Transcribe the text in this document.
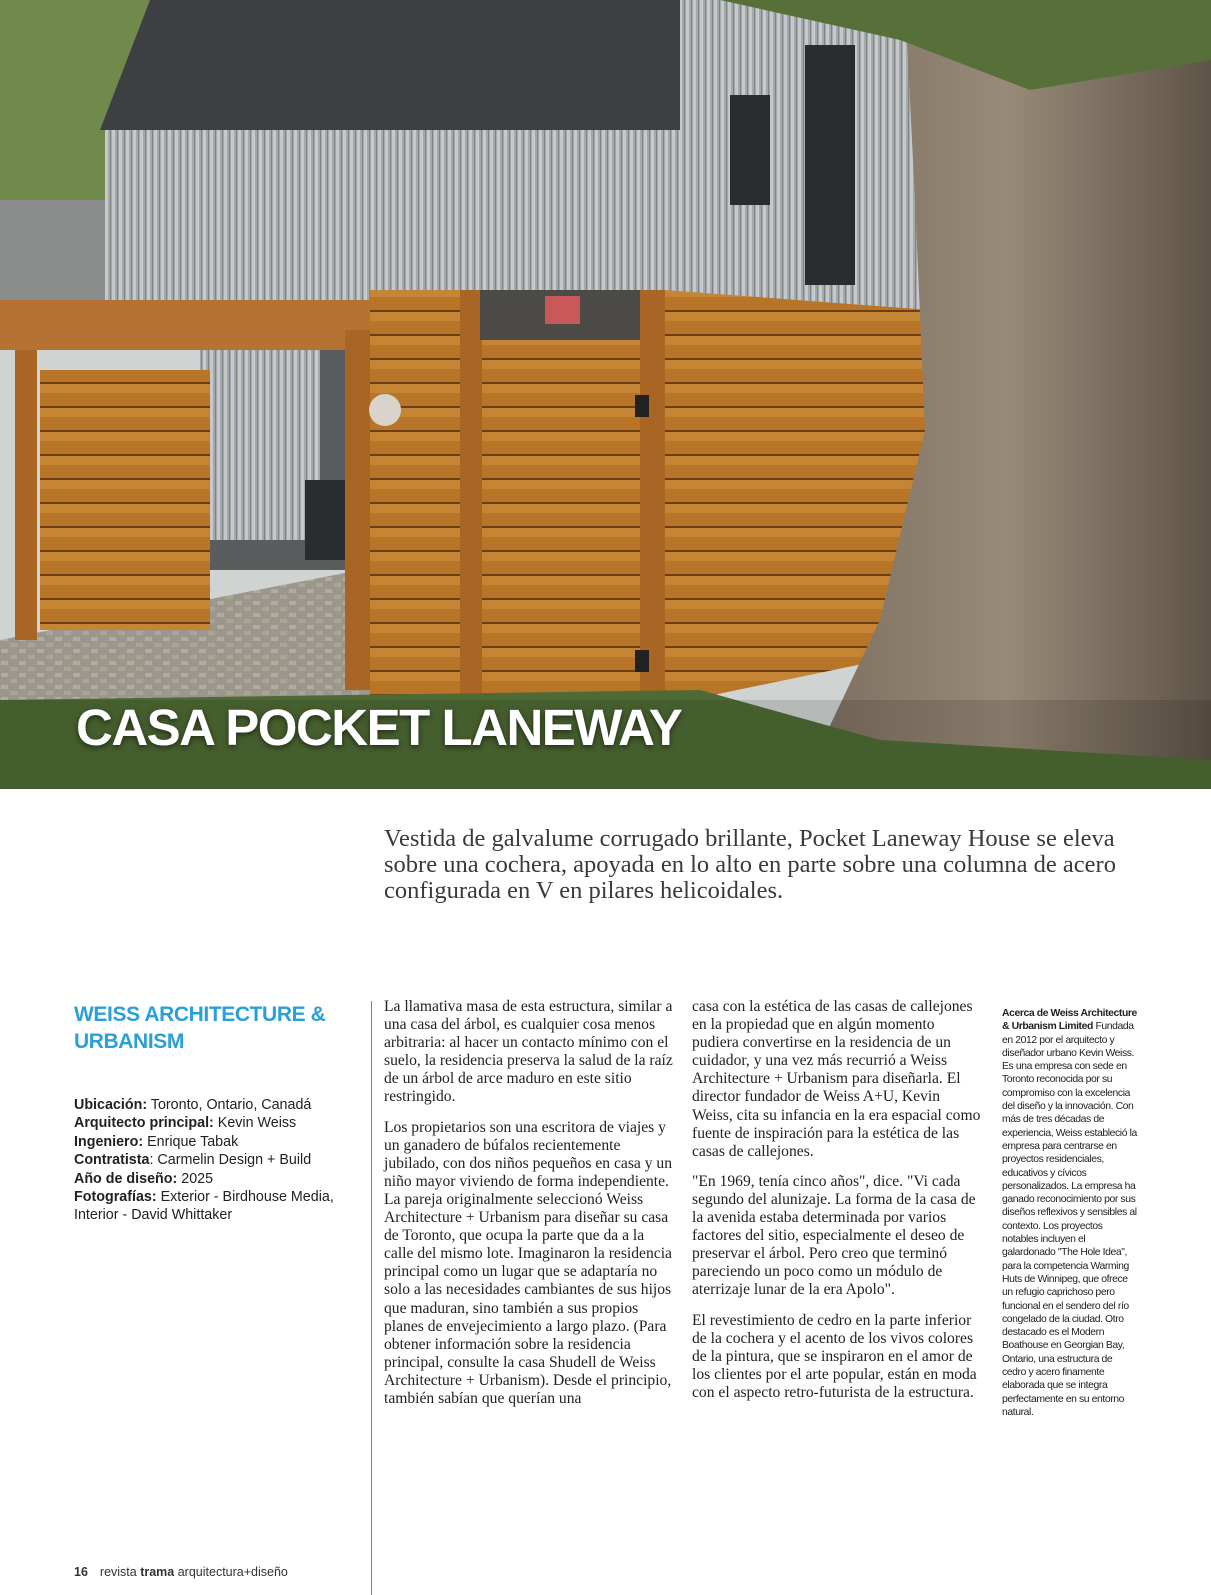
CASA POCKET LANEWAY

Vestida de galvalume corrugado brillante, Pocket Laneway House se eleva sobre una cochera, apoyada en lo alto en parte sobre una columna de acero configurada en V en pilares helicoidales.

WEISS ARCHITECTURE & URBANISM
Ubicación: Toronto, Ontario, Canadá
Arquitecto principal: Kevin Weiss
Ingeniero: Enrique Tabak
Contratista: Carmelin Design + Build
Año de diseño: 2025
Fotografías: Exterior - Birdhouse Media, Interior - David Whittaker

La llamativa masa de esta estructura, similar a una casa del árbol, es cualquier cosa menos arbitraria: al hacer un contacto mínimo con el suelo, la residencia preserva la salud de la raíz de un árbol de arce maduro en este sitio restringido.

Los propietarios son una escritora de viajes y un ganadero de búfalos recientemente jubilado, con dos niños pequeños en casa y un niño mayor viviendo de forma independiente. La pareja originalmente seleccionó Weiss Architecture + Urbanism para diseñar su casa de Toronto, que ocupa la parte que da a la calle del mismo lote. Imaginaron la residencia principal como un lugar que se adaptaría no solo a las necesidades cambiantes de sus hijos que maduran, sino también a sus propios planes de envejecimiento a largo plazo. (Para obtener información sobre la residencia principal, consulte la casa Shudell de Weiss Architecture + Urbanism). Desde el principio, también sabían que querían una

casa con la estética de las casas de callejones en la propiedad que en algún momento pudiera convertirse en la residencia de un cuidador, y una vez más recurrió a Weiss Architecture + Urbanism para diseñarla. El director fundador de Weiss A+U, Kevin Weiss, cita su infancia en la era espacial como fuente de inspiración para la estética de las casas de callejones.

"En 1969, tenía cinco años", dice. "Vi cada segundo del alunizaje. La forma de la casa de la avenida estaba determinada por varios factores del sitio, especialmente el deseo de preservar el árbol. Pero creo que terminó pareciendo un poco como un módulo de aterrizaje lunar de la era Apolo".

El revestimiento de cedro en la parte inferior de la cochera y el acento de los vivos colores de la pintura, que se inspiraron en el amor de los clientes por el arte popular, están en moda con el aspecto retro-futurista de la estructura.

Acerca de Weiss Architecture & Urbanism Limited Fundada en 2012 por el arquitecto y diseñador urbano Kevin Weiss. Es una empresa con sede en Toronto reconocida por su compromiso con la excelencia del diseño y la innovación. Con más de tres décadas de experiencia, Weiss estableció la empresa para centrarse en proyectos residenciales, educativos y cívicos personalizados. La empresa ha ganado reconocimiento por sus diseños reflexivos y sensibles al contexto. Los proyectos notables incluyen el galardonado "The Hole Idea", para la competencia Warming Huts de Winnipeg, que ofrece un refugio caprichoso pero funcional en el sendero del río congelado de la ciudad. Otro destacado es el Modern Boathouse en Georgian Bay, Ontario, una estructura de cedro y acero finamente elaborada que se integra perfectamente en su entorno natural.
16 revista trama arquitectura+diseño
